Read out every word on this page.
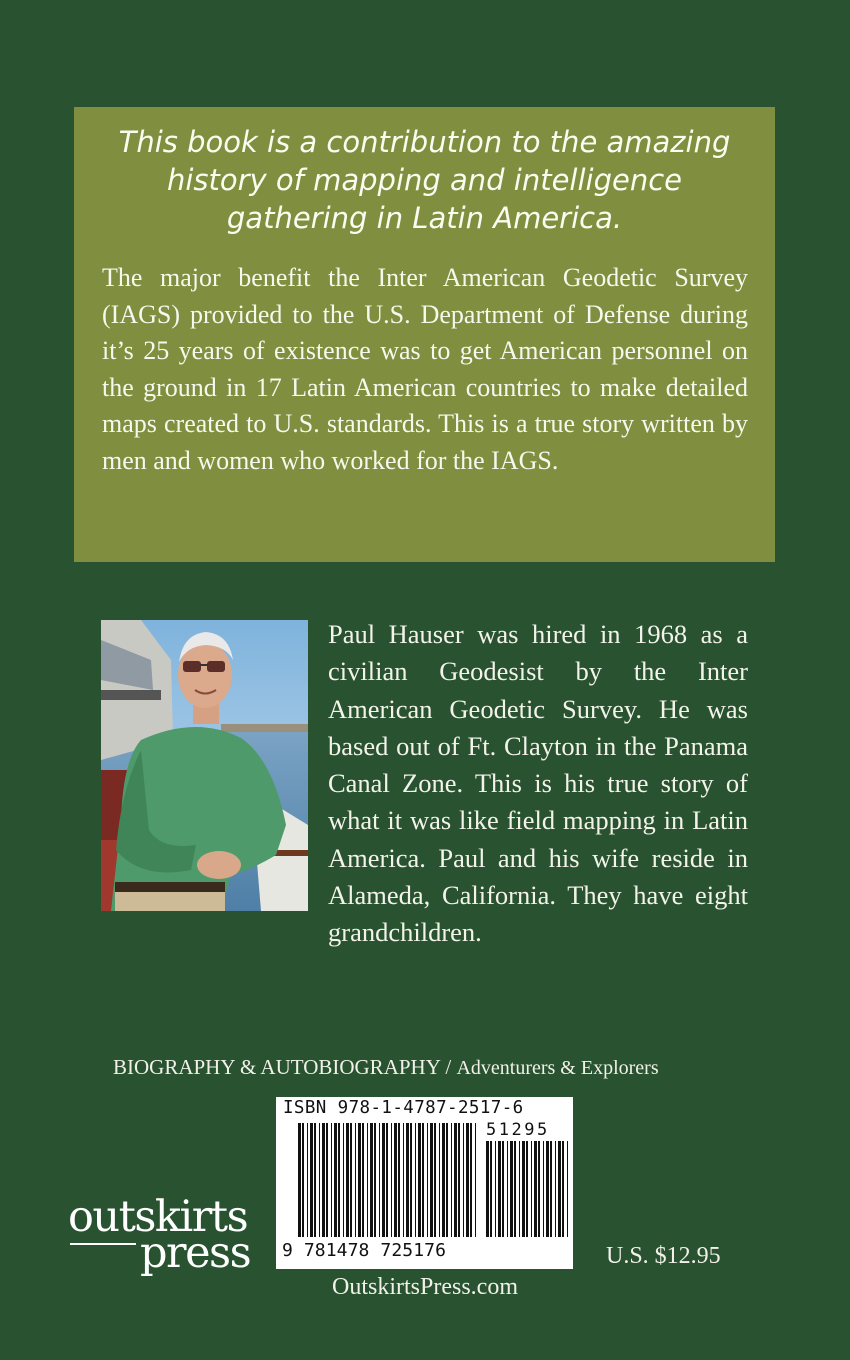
This book is a contribution to the amazing history of mapping and intelligence gathering in Latin America.

The major benefit the Inter American Geodetic Survey (IAGS) provided to the U.S. Department of Defense during it’s 25 years of existence was to get American personnel on the ground in 17 Latin American countries to make detailed maps created to U.S. standards. This is a true story written by men and women who worked for the IAGS.

Paul Hauser was hired in 1968 as a civilian Geodesist by the Inter American Geodetic Survey. He was based out of Ft. Clayton in the Panama Canal Zone. This is his true story of what it was like field mapping in Latin America. Paul and his wife reside in Alameda, California. They have eight grandchildren.

BIOGRAPHY & AUTOBIOGRAPHY / Adventurers & Explorers
ISBN 978-1-4787-2517-6
51295
9 781478 725176
outskirts
press	U.S. $12.95
OutskirtsPress.com
